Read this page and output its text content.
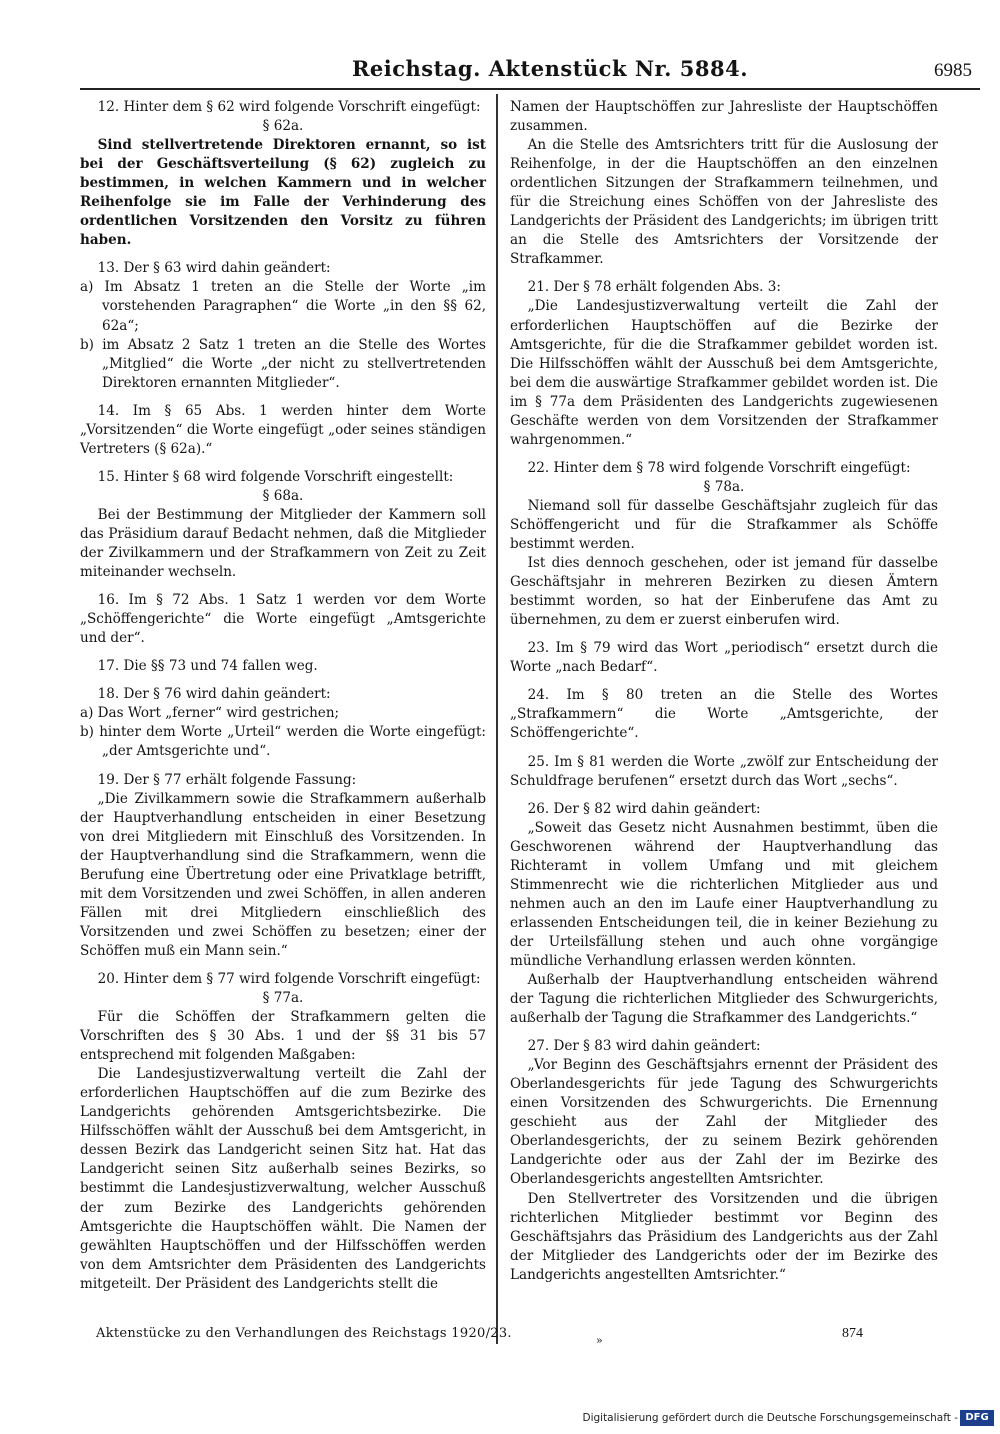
Reichstag. Aktenstück Nr. 5884.	6985

12. Hinter dem § 62 wird folgende Vorschrift eingefügt:

§ 62a.

Sind stellvertretende Direktoren ernannt, so ist bei der Geschäftsverteilung (§ 62) zugleich zu bestimmen, in welchen Kammern und in welcher Reihenfolge sie im Falle der Verhinderung des ordentlichen Vorsitzenden den Vorsitz zu führen haben.

13. Der § 63 wird dahin geändert:

a) Im Absatz 1 treten an die Stelle der Worte „im vorstehenden Paragraphen“ die Worte „in den §§ 62, 62a“;

b) im Absatz 2 Satz 1 treten an die Stelle des Wortes „Mitglied“ die Worte „der nicht zu stellvertretenden Direktoren ernannten Mitglieder“.

14. Im § 65 Abs. 1 werden hinter dem Worte „Vorsitzenden“ die Worte eingefügt „oder seines ständigen Vertreters (§ 62a).“

15. Hinter § 68 wird folgende Vorschrift eingestellt:

§ 68a.

Bei der Bestimmung der Mitglieder der Kammern soll das Präsidium darauf Bedacht nehmen, daß die Mitglieder der Zivilkammern und der Strafkammern von Zeit zu Zeit miteinander wechseln.

16. Im § 72 Abs. 1 Satz 1 werden vor dem Worte „Schöffengerichte“ die Worte eingefügt „Amtsgerichte und der“.

17. Die §§ 73 und 74 fallen weg.

18. Der § 76 wird dahin geändert:

a) Das Wort „ferner“ wird gestrichen;

b) hinter dem Worte „Urteil“ werden die Worte eingefügt: „der Amtsgerichte und“.

19. Der § 77 erhält folgende Fassung:

„Die Zivilkammern sowie die Strafkammern außerhalb der Hauptverhandlung entscheiden in einer Besetzung von drei Mitgliedern mit Einschluß des Vorsitzenden. In der Hauptverhandlung sind die Strafkammern, wenn die Berufung eine Übertretung oder eine Privatklage betrifft, mit dem Vorsitzenden und zwei Schöffen, in allen anderen Fällen mit drei Mitgliedern einschließlich des Vorsitzenden und zwei Schöffen zu besetzen; einer der Schöffen muß ein Mann sein.“

20. Hinter dem § 77 wird folgende Vorschrift eingefügt:

§ 77a.

Für die Schöffen der Strafkammern gelten die Vorschriften des § 30 Abs. 1 und der §§ 31 bis 57 entsprechend mit folgenden Maßgaben:

Die Landesjustizverwaltung verteilt die Zahl der erforderlichen Hauptschöffen auf die zum Bezirke des Landgerichts gehörenden Amtsgerichtsbezirke. Die Hilfsschöffen wählt der Ausschuß bei dem Amtsgericht, in dessen Bezirk das Landgericht seinen Sitz hat. Hat das Landgericht seinen Sitz außerhalb seines Bezirks, so bestimmt die Landesjustizverwaltung, welcher Ausschuß der zum Bezirke des Landgerichts gehörenden Amtsgerichte die Hauptschöffen wählt. Die Namen der gewählten Hauptschöffen und der Hilfsschöffen werden von dem Amtsrichter dem Präsidenten des Landgerichts mitgeteilt. Der Präsident des Landgerichts stellt die

Namen der Hauptschöffen zur Jahresliste der Hauptschöffen zusammen.

An die Stelle des Amtsrichters tritt für die Auslosung der Reihenfolge, in der die Hauptschöffen an den einzelnen ordentlichen Sitzungen der Strafkammern teilnehmen, und für die Streichung eines Schöffen von der Jahresliste des Landgerichts der Präsident des Landgerichts; im übrigen tritt an die Stelle des Amtsrichters der Vorsitzende der Strafkammer.

21. Der § 78 erhält folgenden Abs. 3:

„Die Landesjustizverwaltung verteilt die Zahl der erforderlichen Hauptschöffen auf die Bezirke der Amtsgerichte, für die die Strafkammer gebildet worden ist. Die Hilfsschöffen wählt der Ausschuß bei dem Amtsgerichte, bei dem die auswärtige Strafkammer gebildet worden ist. Die im § 77a dem Präsidenten des Landgerichts zugewiesenen Geschäfte werden von dem Vorsitzenden der Strafkammer wahrgenommen.“

22. Hinter dem § 78 wird folgende Vorschrift eingefügt:

§ 78a.

Niemand soll für dasselbe Geschäftsjahr zugleich für das Schöffengericht und für die Strafkammer als Schöffe bestimmt werden.

Ist dies dennoch geschehen, oder ist jemand für dasselbe Geschäftsjahr in mehreren Bezirken zu diesen Ämtern bestimmt worden, so hat der Einberufene das Amt zu übernehmen, zu dem er zuerst einberufen wird.

23. Im § 79 wird das Wort „periodisch“ ersetzt durch die Worte „nach Bedarf“.

24. Im § 80 treten an die Stelle des Wortes „Strafkammern“ die Worte „Amtsgerichte, der Schöffengerichte“.

25. Im § 81 werden die Worte „zwölf zur Entscheidung der Schuldfrage berufenen“ ersetzt durch das Wort „sechs“.

26. Der § 82 wird dahin geändert:

„Soweit das Gesetz nicht Ausnahmen bestimmt, üben die Geschworenen während der Hauptverhandlung das Richteramt in vollem Umfang und mit gleichem Stimmenrecht wie die richterlichen Mitglieder aus und nehmen auch an den im Laufe einer Hauptverhandlung zu erlassenden Entscheidungen teil, die in keiner Beziehung zu der Urteilsfällung stehen und auch ohne vorgängige mündliche Verhandlung erlassen werden könnten.

Außerhalb der Hauptverhandlung entscheiden während der Tagung die richterlichen Mitglieder des Schwurgerichts, außerhalb der Tagung die Strafkammer des Landgerichts.“

27. Der § 83 wird dahin geändert:

„Vor Beginn des Geschäftsjahrs ernennt der Präsident des Oberlandesgerichts für jede Tagung des Schwurgerichts einen Vorsitzenden des Schwurgerichts. Die Ernennung geschieht aus der Zahl der Mitglieder des Oberlandesgerichts, der zu seinem Bezirk gehörenden Landgerichte oder aus der Zahl der im Bezirke des Oberlandesgerichts angestellten Amtsrichter.

Den Stellvertreter des Vorsitzenden und die übrigen richterlichen Mitglieder bestimmt vor Beginn des Geschäftsjahrs das Präsidium des Landgerichts aus der Zahl der Mitglieder des Landgerichts oder der im Bezirke des Landgerichts angestellten Amtsrichter.“

Aktenstücke zu den Verhandlungen des Reichstags 1920/23.	»	874
Digitalisierung gefördert durch die Deutsche Forschungsgemeinschaft - DFG
